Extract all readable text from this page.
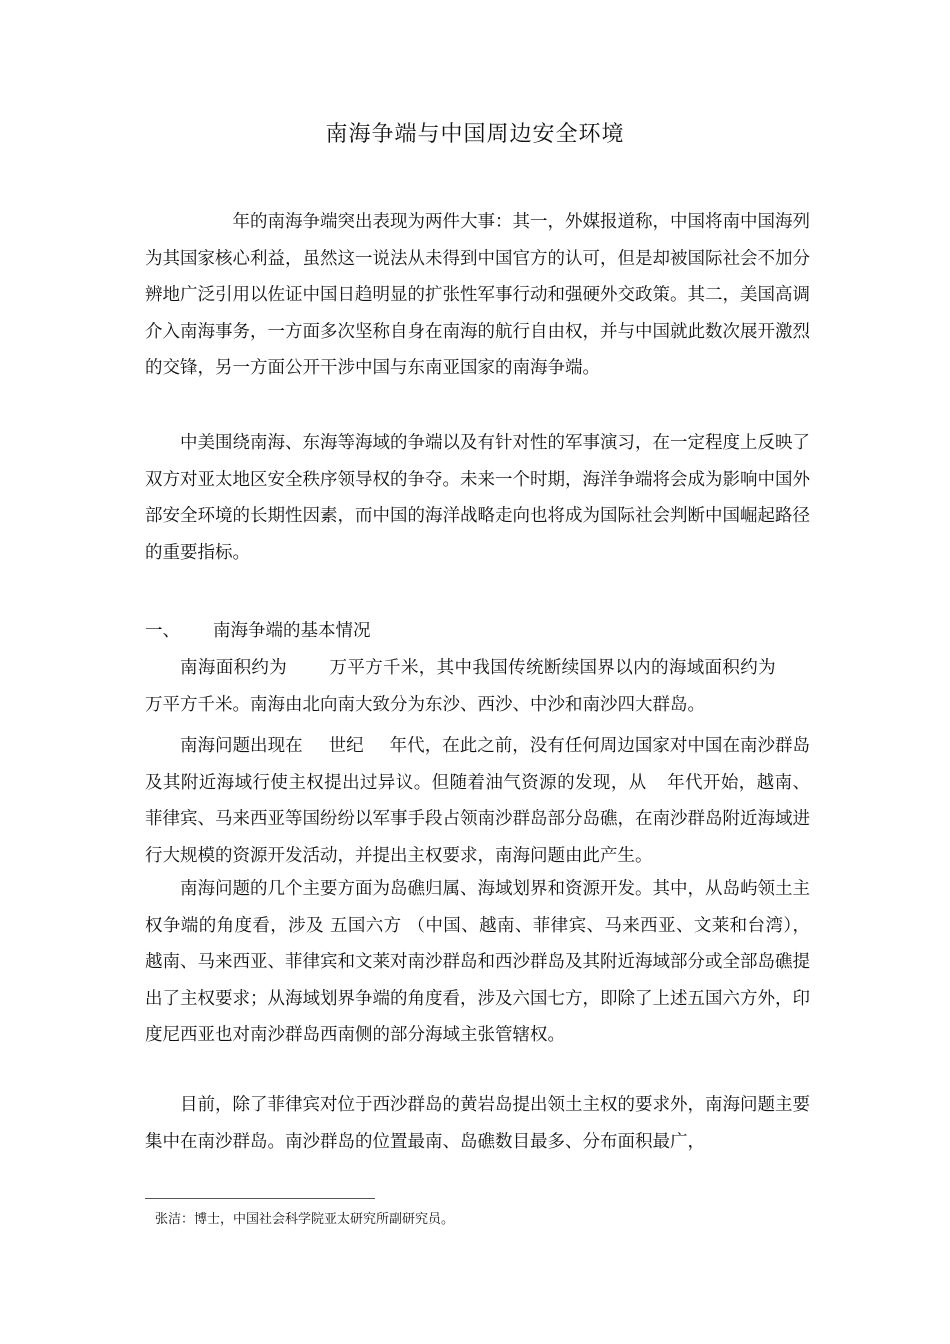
南海争端与中国周边安全环境

年的南海争端突出表现为两件大事：其一，外媒报道称，中国将南中国海列为其国家核心利益，虽然这一说法从未得到中国官方的认可，但是却被国际社会不加分辨地广泛引用以佐证中国日趋明显的扩张性军事行动和强硬外交政策。其二，美国高调介入南海事务，一方面多次坚称自身在南海的航行自由权，并与中国就此数次展开激烈的交锋，另一方面公开干涉中国与东南亚国家的南海争端。

中美围绕南海、东海等海域的争端以及有针对性的军事演习，在一定程度上反映了双方对亚太地区安全秩序领导权的争夺。未来一个时期，海洋争端将会成为影响中国外部安全环境的长期性因素，而中国的海洋战略走向也将成为国际社会判断中国崛起路径的重要指标。

一、 南海争端的基本情况

南海面积约为 万平方千米，其中我国传统断续国界以内的海域面积约为万平方千米。南海由北向南大致分为东沙、西沙、中沙和南沙四大群岛。

南海问题出现在 世纪 年代，在此之前，没有任何周边国家对中国在南沙群岛及其附近海域行使主权提出过异议。但随着油气资源的发现，从 年代开始，越南、菲律宾、马来西亚等国纷纷以军事手段占领南沙群岛部分岛礁，在南沙群岛附近海域进行大规模的资源开发活动，并提出主权要求，南海问题由此产生。

南海问题的几个主要方面为岛礁归属、海域划界和资源开发。其中，从岛屿领土主权争端的角度看，涉及 五国六方 （中国、越南、菲律宾、马来西亚、文莱和台湾），越南、马来西亚、菲律宾和文莱对南沙群岛和西沙群岛及其附近海域部分或全部岛礁提出了主权要求；从海域划界争端的角度看，涉及六国七方，即除了上述五国六方外，印度尼西亚也对南沙群岛西南侧的部分海域主张管辖权。

目前，除了菲律宾对位于西沙群岛的黄岩岛提出领土主权的要求外，南海问题主要集中在南沙群岛。南沙群岛的位置最南、岛礁数目最多、分布面积最广，

张洁：博士，中国社会科学院亚太研究所副研究员。
